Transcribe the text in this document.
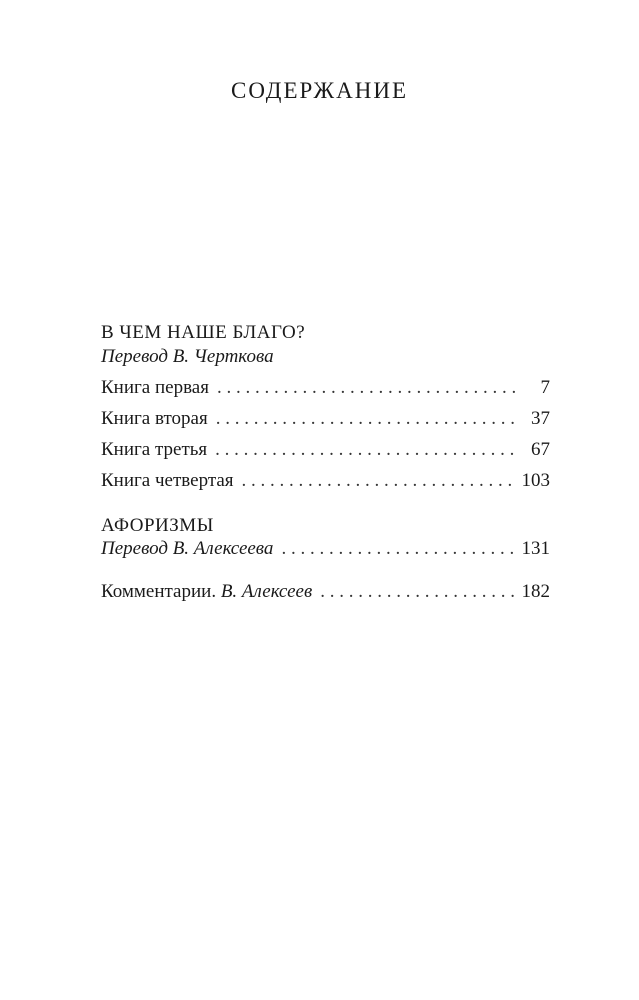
СОДЕРЖАНИЕ
В ЧЕМ НАШЕ БЛАГО?
Перевод В. Черткова
Книга первая . . .	7
Книга вторая . . .	37
Книга третья . . .	67
Книга четвертая . . .	103
АФОРИЗМЫ
Перевод В. Алексеева . . .	131
Комментарии. В. Алексеев . . .	182
